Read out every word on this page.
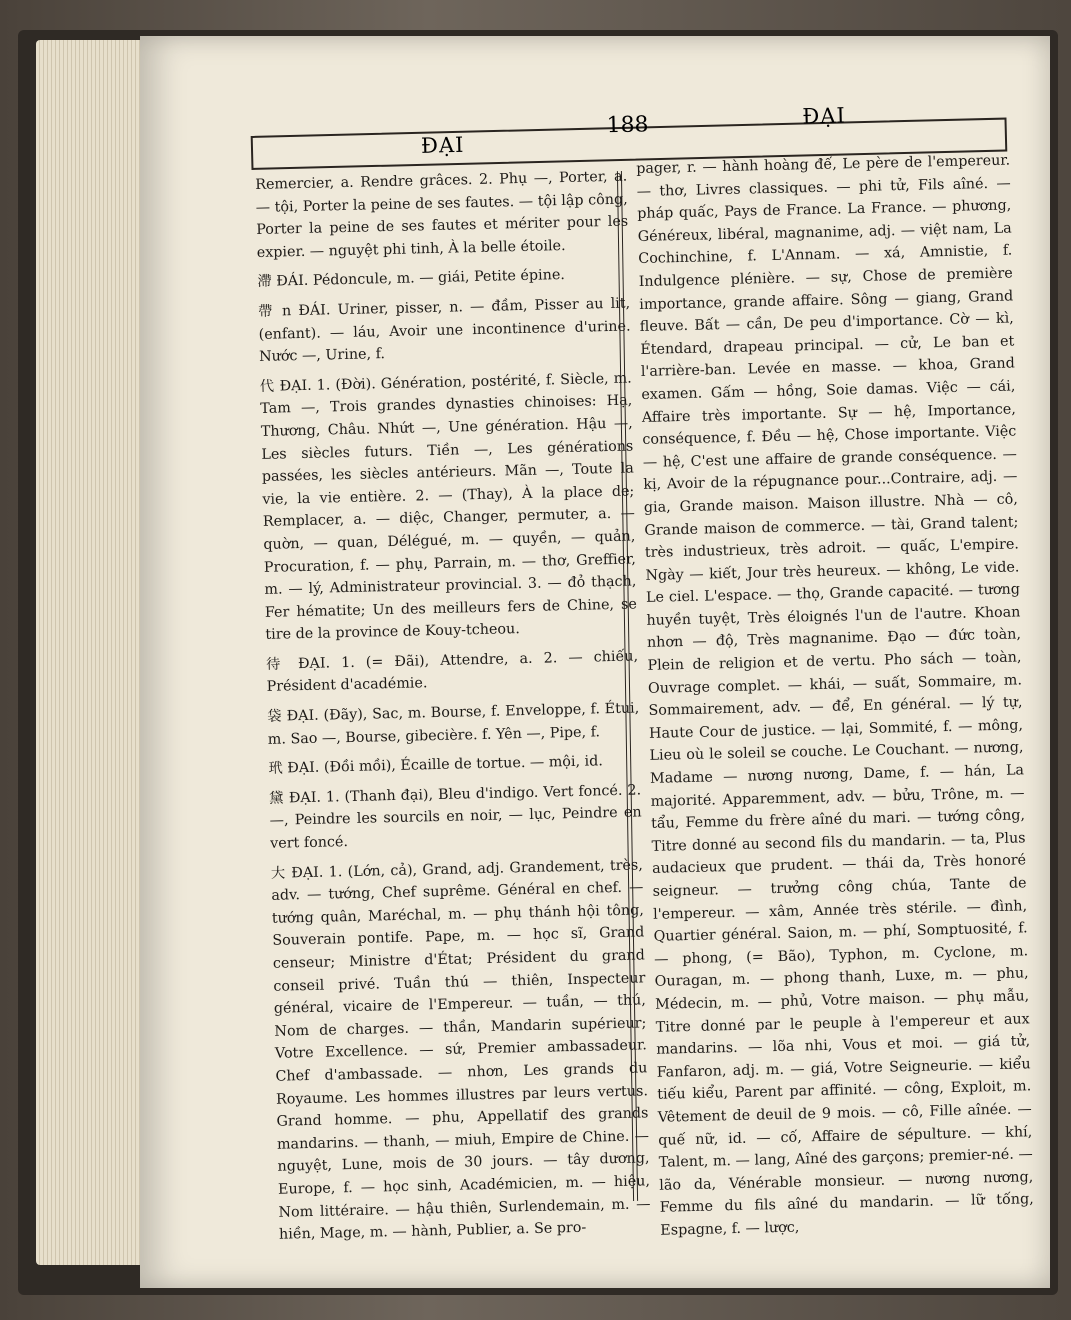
ĐẠI
188	ĐẠI

Remercier, a. Rendre grâces. 2. Phụ —, Porter, a. — tội, Porter la peine de ses fautes. — tội lập công, Porter la peine de ses fautes et mériter pour les expier. — nguyệt phi tinh, À la belle étoile.

滯 ĐÁI. Pédoncule, m. — giái, Petite épine.

帶 n ĐÁI. Uriner, pisser, n. — đầm, Pisser au lit, (enfant). — láu, Avoir une incontinence d'urine. Nước —, Urine, f.

代 ĐẠI. 1. (Đời). Génération, postérité, f. Siècle, m. Tam —, Trois grandes dynasties chinoises: Hạ, Thương, Châu. Nhứt —, Une génération. Hậu —, Les siècles futurs. Tiền —, Les générations passées, les siècles antérieurs. Mãn —, Toute la vie, la vie entière. 2. — (Thay), À la place de; Remplacer, a. — diệc, Changer, permuter, a. — quờn, — quan, Délégué, m. — quyền, — quản, Procuration, f. — phụ, Parrain, m. — thơ, Greffier, m. — lý, Administrateur provincial. 3. — đỏ thạch, Fer hématite; Un des meilleurs fers de Chine, se tire de la province de Kouy-tcheou.

待 ĐẠI. 1. (= Đãi), Attendre, a. 2. — chiếu, Président d'académie.

袋 ĐẠI. (Đãy), Sac, m. Bourse, f. Enveloppe, f. Étui, m. Sao —, Bourse, gibecière. f. Yên —, Pipe, f.

玳 ĐẠI. (Đồi mồi), Écaille de tortue. — mội, id.

黛 ĐẠI. 1. (Thanh đại), Bleu d'indigo. Vert foncé. 2. —, Peindre les sourcils en noir, — lục, Peindre en vert foncé.

大 ĐẠI. 1. (Lớn, cả), Grand, adj. Grandement, très, adv. — tướng, Chef suprême. Général en chef. — tướng quân, Maréchal, m. — phụ thánh hội tông, Souverain pontife. Pape, m. — học sĩ, Grand censeur; Ministre d'État; Président du grand conseil privé. Tuần thú — thiên, Inspecteur général, vicaire de l'Empereur. — tuần, — thú, Nom de charges. — thần, Mandarin supérieur; Votre Excellence. — sứ, Premier ambassadeur. Chef d'ambassade. — nhơn, Les grands du Royaume. Les hommes illustres par leurs vertus. Grand homme. — phu, Appellatif des grands mandarins. — thanh, — miuh, Empire de Chine. — nguyệt, Lune, mois de 30 jours. — tây dương, Europe, f. — học sinh, Académicien, m. — hiệu, Nom littéraire. — hậu thiên, Surlendemain, m. — hiền, Mage, m. — hành, Publier, a. Se pro-

pager, r. — hành hoàng đế, Le père de l'empereur. — thơ, Livres classiques. — phi tử, Fils aîné. — pháp quấc, Pays de France. La France. — phương, Généreux, libéral, magnanime, adj. — việt nam, La Cochinchine, f. L'Annam. — xá, Amnistie, f. Indulgence plénière. — sự, Chose de première importance, grande affaire. Sông — giang, Grand fleuve. Bất — cần, De peu d'importance. Cờ — kì, Étendard, drapeau principal. — cử, Le ban et l'arrière-ban. Levée en masse. — khoa, Grand examen. Gấm — hồng, Soie damas. Việc — cái, Affaire très importante. Sự — hệ, Importance, conséquence, f. Đều — hệ, Chose importante. Việc — hệ, C'est une affaire de grande conséquence. — kị, Avoir de la répugnance pour...Contraire, adj. — gia, Grande maison. Maison illustre. Nhà — cô, Grande maison de commerce. — tài, Grand talent; très industrieux, très adroit. — quấc, L'empire. Ngày — kiết, Jour très heureux. — không, Le vide. Le ciel. L'espace. — thọ, Grande capacité. — tương huyền tuyệt, Très éloignés l'un de l'autre. Khoan nhơn — độ, Très magnanime. Đạo — đức toàn, Plein de religion et de vertu. Pho sách — toàn, Ouvrage complet. — khái, — suất, Sommaire, m. Sommairement, adv. — để, En général. — lý tự, Haute Cour de justice. — lại, Sommité, f. — mông, Lieu où le soleil se couche. Le Couchant. — nương, Madame — nương nương, Dame, f. — hán, La majorité. Apparemment, adv. — bửu, Trône, m. — tẩu, Femme du frère aîné du mari. — tướng công, Titre donné au second fils du mandarin. — ta, Plus audacieux que prudent. — thái da, Très honoré seigneur. — trưởng công chúa, Tante de l'empereur. — xâm, Année très stérile. — đình, Quartier général. Saion, m. — phí, Somptuosité, f. — phong, (= Bão), Typhon, m. Cyclone, m. Ouragan, m. — phong thanh, Luxe, m. — phu, Médecin, m. — phủ, Votre maison. — phụ mẫu, Titre donné par le peuple à l'empereur et aux mandarins. — lõa nhi, Vous et moi. — giá tử, Fanfaron, adj. m. — giá, Votre Seigneurie. — kiểu tiếu kiểu, Parent par affinité. — công, Exploit, m. Vêtement de deuil de 9 mois. — cô, Fille aînée. — quế nữ, id. — cố, Affaire de sépulture. — khí, Talent, m. — lang, Aîné des garçons; premier-né. — lão da, Vénérable monsieur. — nương nương, Femme du fils aîné du mandarin. — lữ tống, Espagne, f. — lược,
